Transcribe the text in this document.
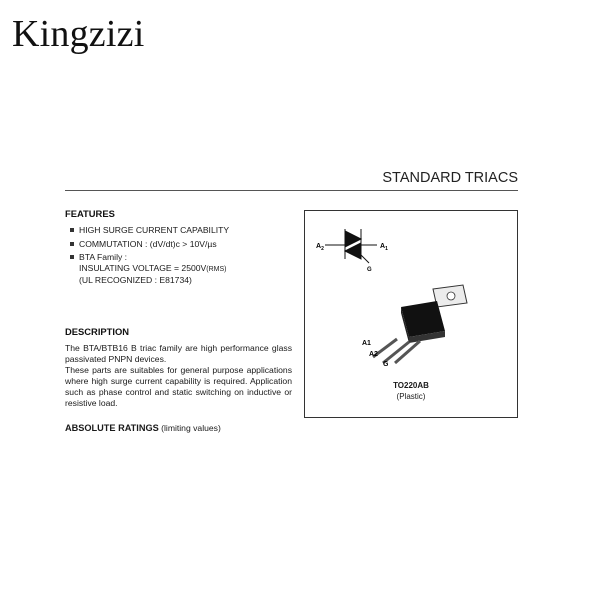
Kingzizi
STANDARD TRIACS
FEATURES
HIGH SURGE CURRENT CAPABILITY
COMMUTATION : (dV/dt)c > 10V/µs
BTA Family :
INSULATING VOLTAGE = 2500V(RMS)
(UL RECOGNIZED : E81734)
DESCRIPTION
The BTA/BTB16 B triac family are high performance glass passivated PNPN devices.
These parts are suitables for general purpose applications where high surge current capability is required. Application such as phase control and static switching on inductive or resistive load.
ABSOLUTE RATINGS (limiting values)
$A_2$	$A_1$
G
A1
A2
G
TO220AB
(Plastic)
